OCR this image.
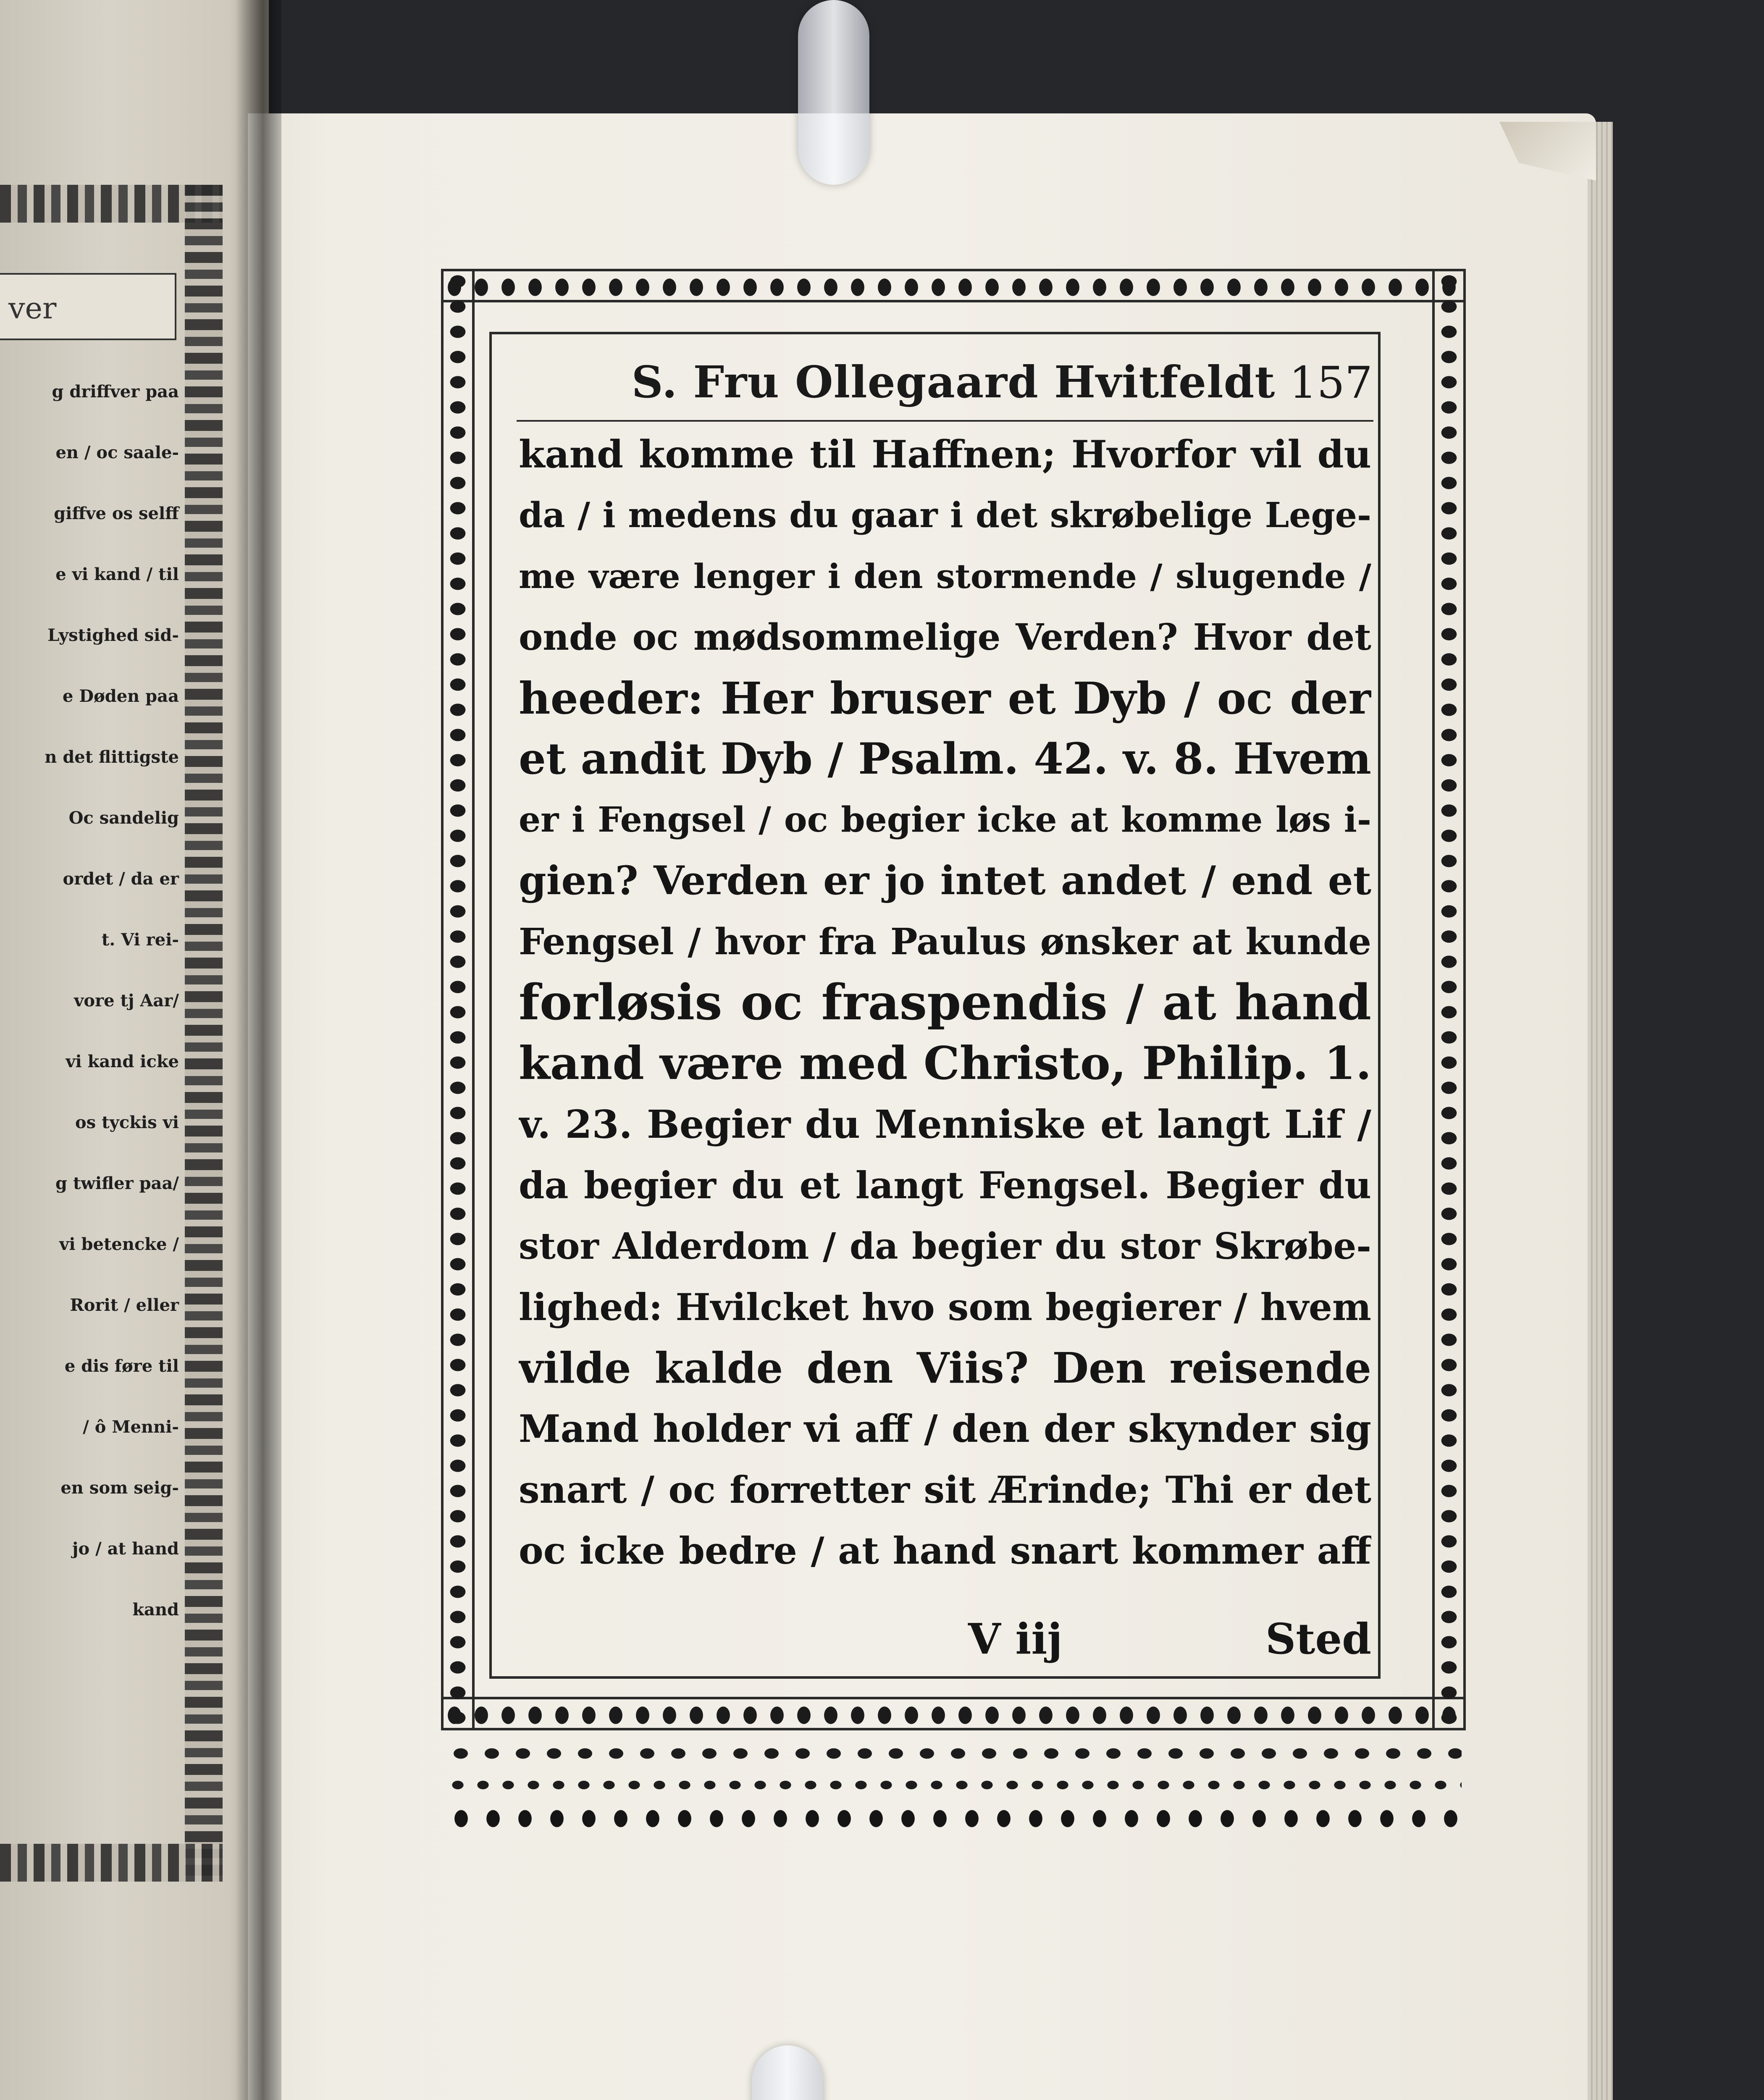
ver
g driffver paa
en / oc saale-
giffve os selff
e vi kand / til
Lystighed sid-
e Døden paa
n det flittigste
Oc sandelig
ordet / da er
t. Vi rei-
vore tj Aar/
vi kand icke
os tyckis vi
g twifler paa/
vi betencke /
Rorit / eller
e dis føre til
/ ô Menni-
en som seig-
jo / at hand
kand
S. Fru Ollegaard Hvitfeldt 157
kand komme til Haffnen; Hvorfor vil du
da / i medens du gaar i det skrøbelige Lege-
me være lenger i den stormende / slugende /
onde oc mødsommelige Verden? Hvor det
heeder: Her bruser et Dyb / oc der
et andit Dyb / Psalm. 42. v. 8. Hvem
er i Fengsel / oc begier icke at komme løs i-
gien? Verden er jo intet andet / end et
Fengsel / hvor fra Paulus ønsker at kunde
forløsis oc fraspendis / at hand
kand være med Christo, Philip. 1.
v. 23. Begier du Menniske et langt Lif /
da begier du et langt Fengsel. Begier du
stor Alderdom / da begier du stor Skrøbe-
lighed: Hvilcket hvo som begierer / hvem
vilde kalde den Viis? Den reisende
Mand holder vi aff / den der skynder sig
snart / oc forretter sit Ærinde; Thi er det
oc icke bedre / at hand snart kommer aff
V iij	Sted
